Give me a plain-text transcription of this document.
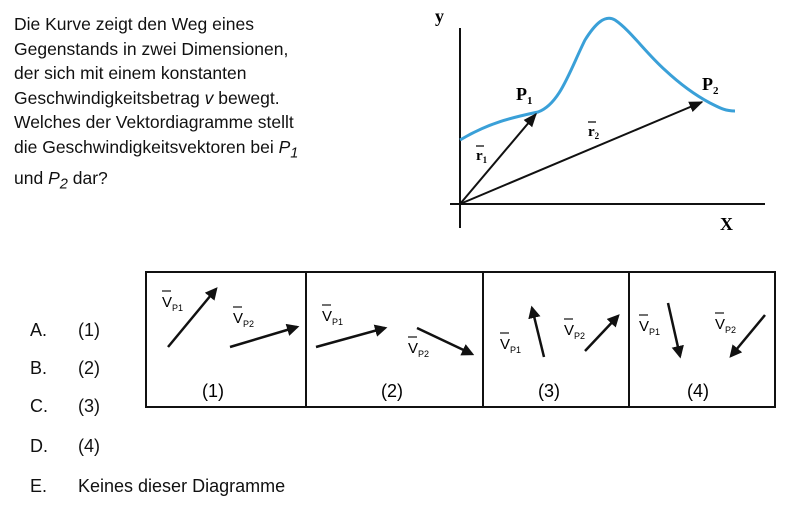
Die Kurve zeigt den Weg eines

Gegenstands in zwei Dimensionen,

der sich mit einem konstanten

Geschwindigkeitsbetrag v bewegt.

Welches der Vektordiagramme stellt

die Geschwindigkeitsvektoren bei $P_1$

und $P_2$ dar?

y
X
$P_1$
$P_2$
$r_1$
$r_2$
$V_{P1}$
$V_{P2}$
(1)
$V_{P1}$
$V_{P2}$
(2)
$V_{P1}$
$V_{P2}$
(3)
$V_{P1}$	$V_{P2}$
(4)
A. (1)
B. (2)
C. (3)
D. (4)
E. Keines dieser Diagramme
